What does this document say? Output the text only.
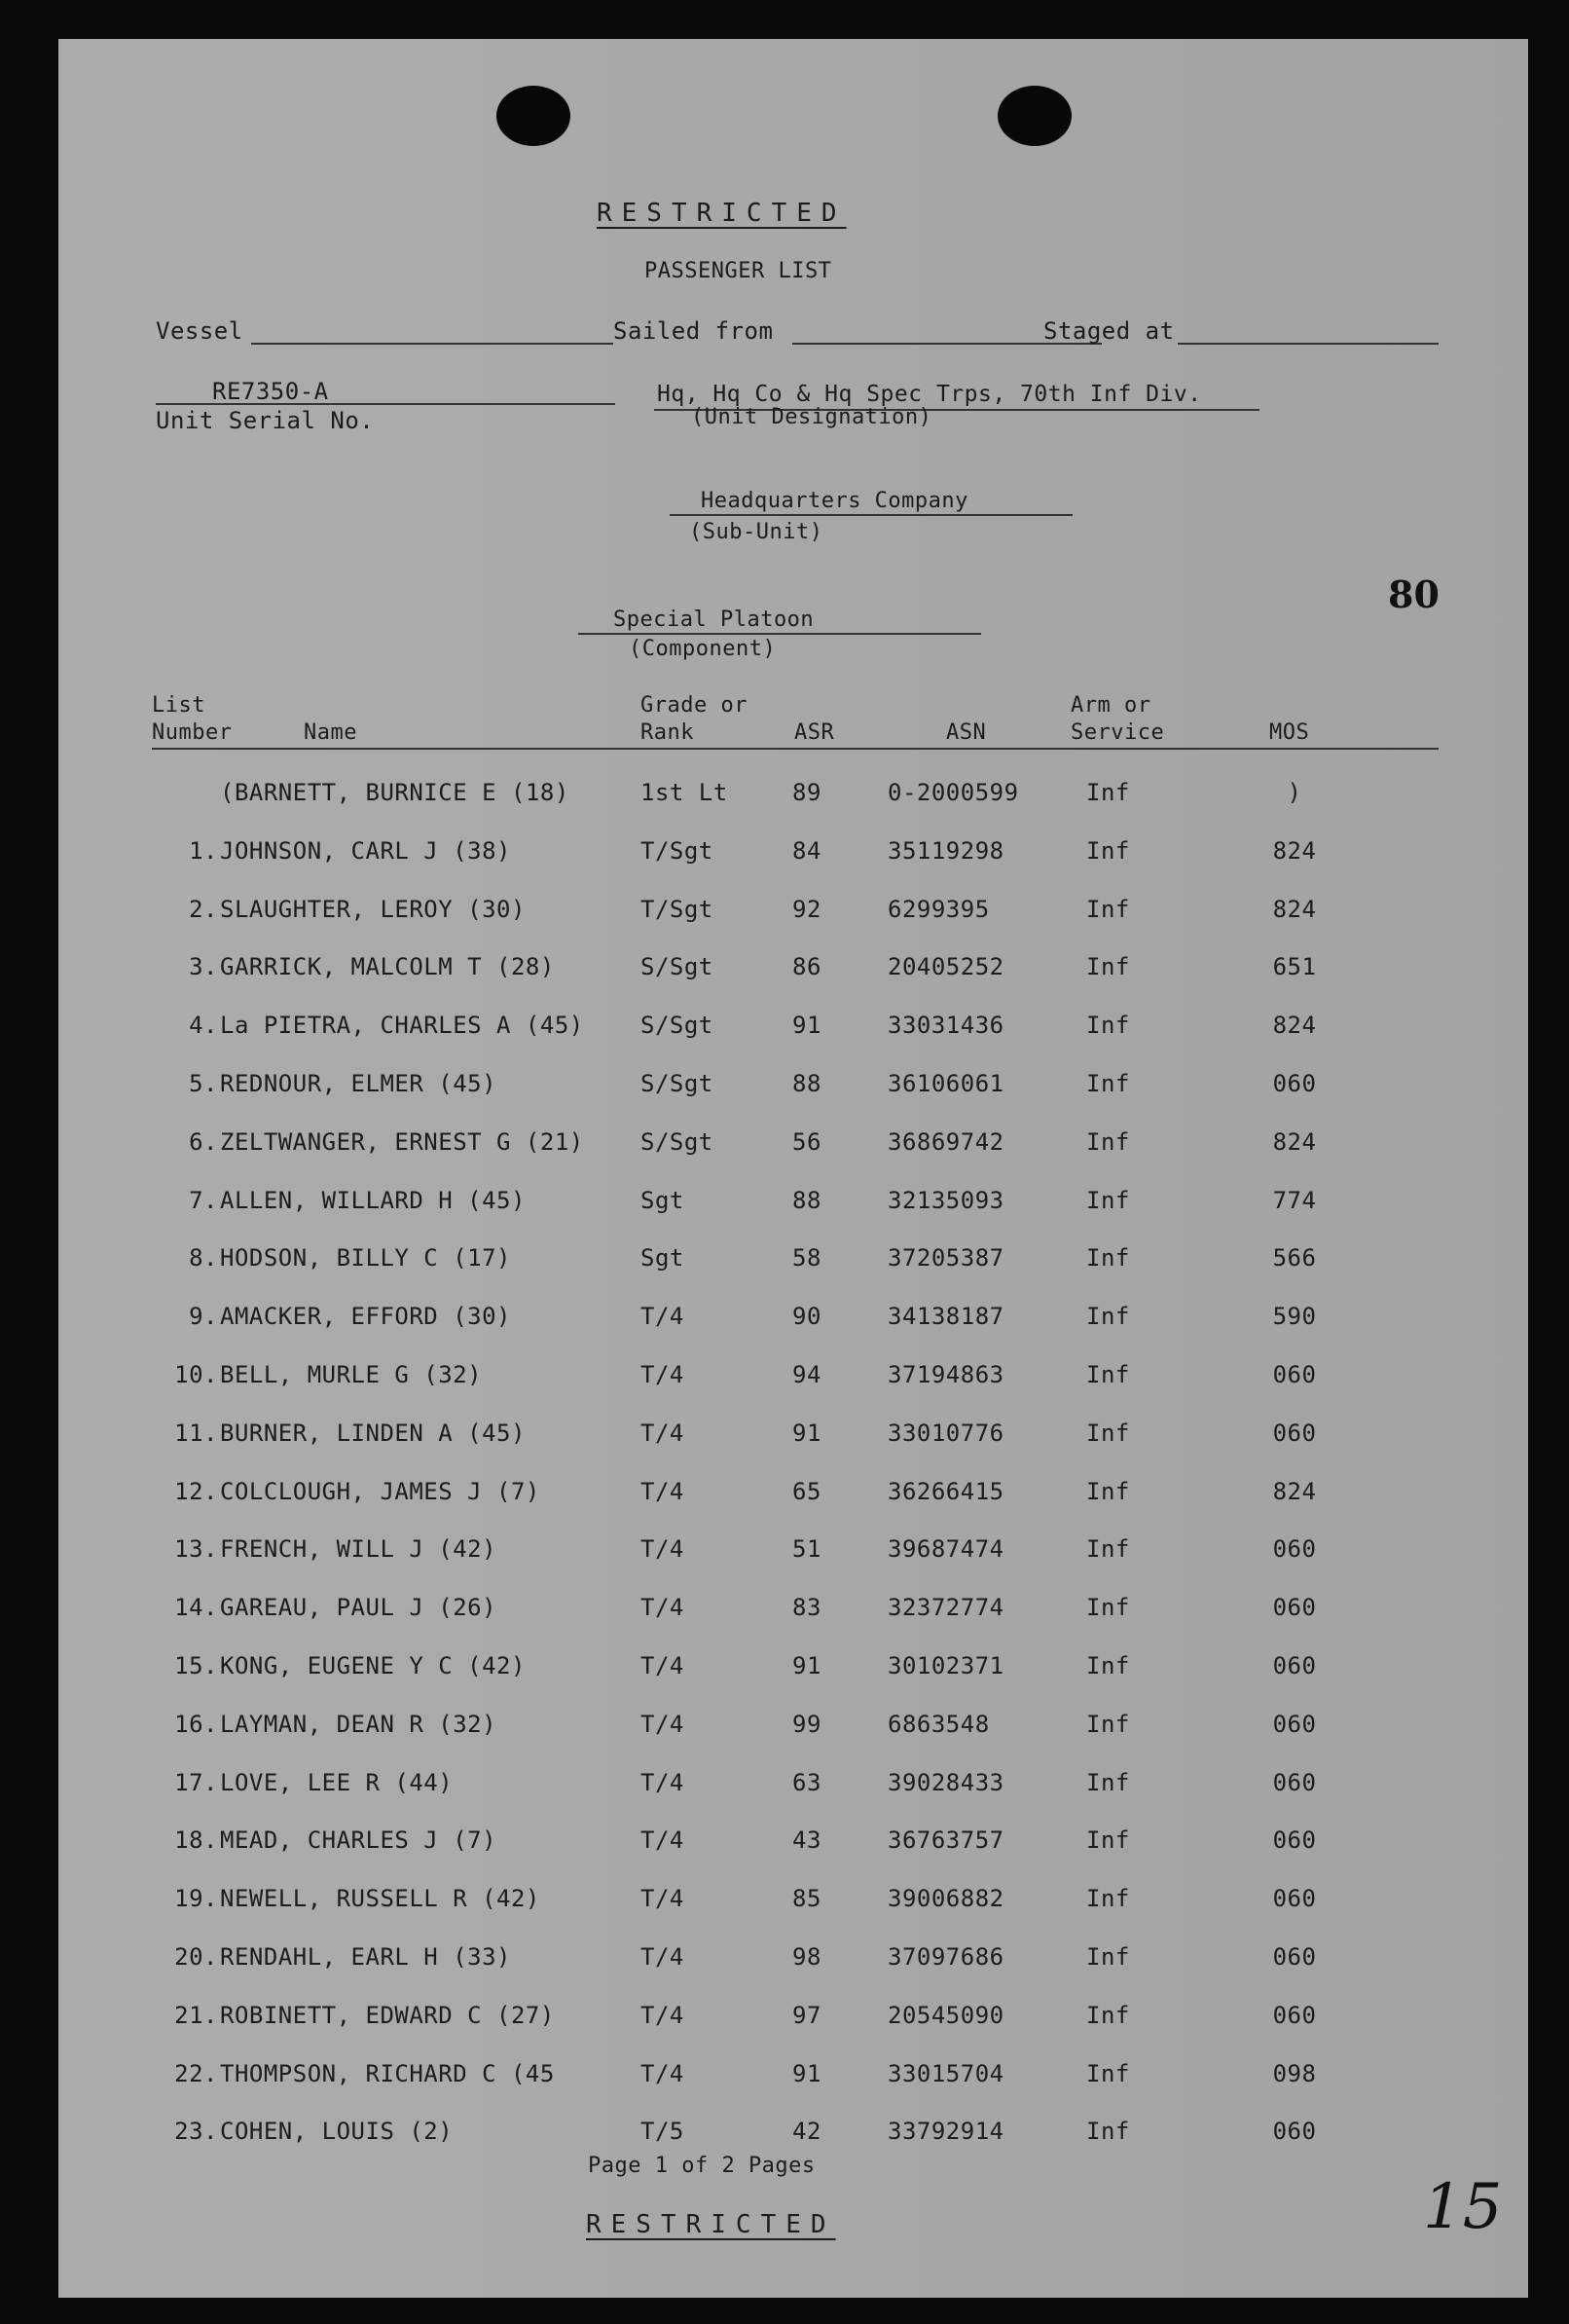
RESTRICTED
PASSENGER LIST
Vessel	Sailed from	Staged at
RE7350-A
Unit Serial No.
Hq, Hq Co & Hq Spec Trps, 70th Inf Div.
(Unit Designation)
Headquarters Company
(Sub-Unit)
80
Special Platoon
(Component)
List
Number	Name
Grade or
Rank	ASR	ASN
Arm or
Service	MOS
(BARNETT, BURNICE E (18)	1st Lt	89	0-2000599	Inf	)
1. JOHNSON, CARL J (38)	T/Sgt	84	35119298	Inf	824
2. SLAUGHTER, LEROY (30)	T/Sgt	92	6299395	Inf	824
3. GARRICK, MALCOLM T (28)	S/Sgt	86	20405252	Inf	651
4. La PIETRA, CHARLES A (45) S/Sgt	91	33031436	Inf	824
5. REDNOUR, ELMER (45)	S/Sgt	88	36106061	Inf	060
6. ZELTWANGER, ERNEST G (21) S/Sgt	56	36869742	Inf	824
7. ALLEN, WILLARD H (45)	Sgt	88	32135093	Inf	774
8. HODSON, BILLY C (17)	Sgt	58	37205387	Inf	566
9. AMACKER, EFFORD (30)	T/4	90	34138187	Inf	590
10. BELL, MURLE G (32)	T/4	94	37194863	Inf	060
11. BURNER, LINDEN A (45)	T/4	91	33010776	Inf	060
12. COLCLOUGH, JAMES J (7)	T/4	65	36266415	Inf	824
13. FRENCH, WILL J (42)	T/4	51	39687474	Inf	060
14. GAREAU, PAUL J (26)	T/4	83	32372774	Inf	060
15. KONG, EUGENE Y C (42)	T/4	91	30102371	Inf	060
16. LAYMAN, DEAN R (32)	T/4	99	6863548	Inf	060
17. LOVE, LEE R (44)	T/4	63	39028433	Inf	060
18. MEAD, CHARLES J (7)	T/4	43	36763757	Inf	060
19. NEWELL, RUSSELL R (42)	T/4	85	39006882	Inf	060
20. RENDAHL, EARL H (33)	T/4	98	37097686	Inf	060
21. ROBINETT, EDWARD C (27)	T/4	97	20545090	Inf	060
22. THOMPSON, RICHARD C (45	T/4	91	33015704	Inf	098
23. COHEN, LOUIS (2)	T/5	42	33792914	Inf	060
Page 1 of 2 Pages
RESTRICTED	15
